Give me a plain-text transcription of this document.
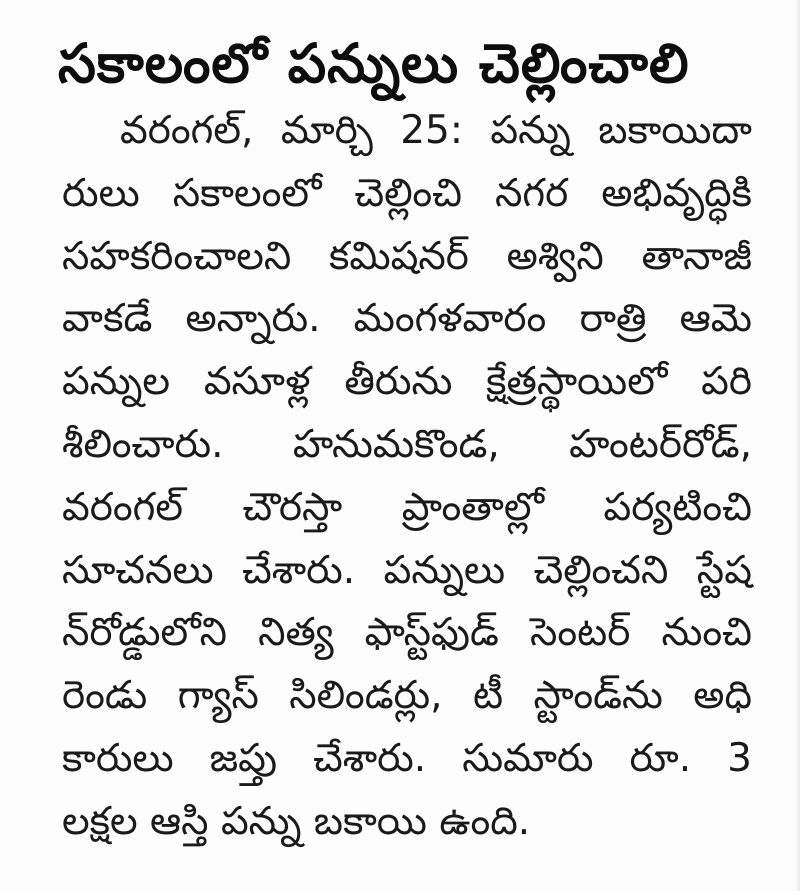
సకాలంలో పన్నులు చెల్లించాలి
వరంగల్, మార్చి 25: పన్ను బకాయిదా
రులు సకాలంలో చెల్లించి నగర అభివృద్ధికి
సహకరించాలని కమిషనర్ అశ్విని తానాజీ
వాకడే అన్నారు. మంగళవారం రాత్రి ఆమె
పన్నుల వసూళ్ల తీరును క్షేత్రస్థాయిలో పరి
శీలించారు. హనుమకొండ, హంటర్‌రోడ్,
వరంగల్ చౌరస్తా ప్రాంతాల్లో పర్యటించి
సూచనలు చేశారు. పన్నులు చెల్లించని స్టేష
న్‌రోడ్డులోని నిత్య ఫాస్ట్‌ఫుడ్ సెంటర్ నుంచి
రెండు గ్యాస్ సిలిండర్లు, టీ స్టాండ్‌ను అధి
కారులు జప్తు చేశారు. సుమారు రూ. 3
లక్షల ఆస్తి పన్ను బకాయి ఉంది.
